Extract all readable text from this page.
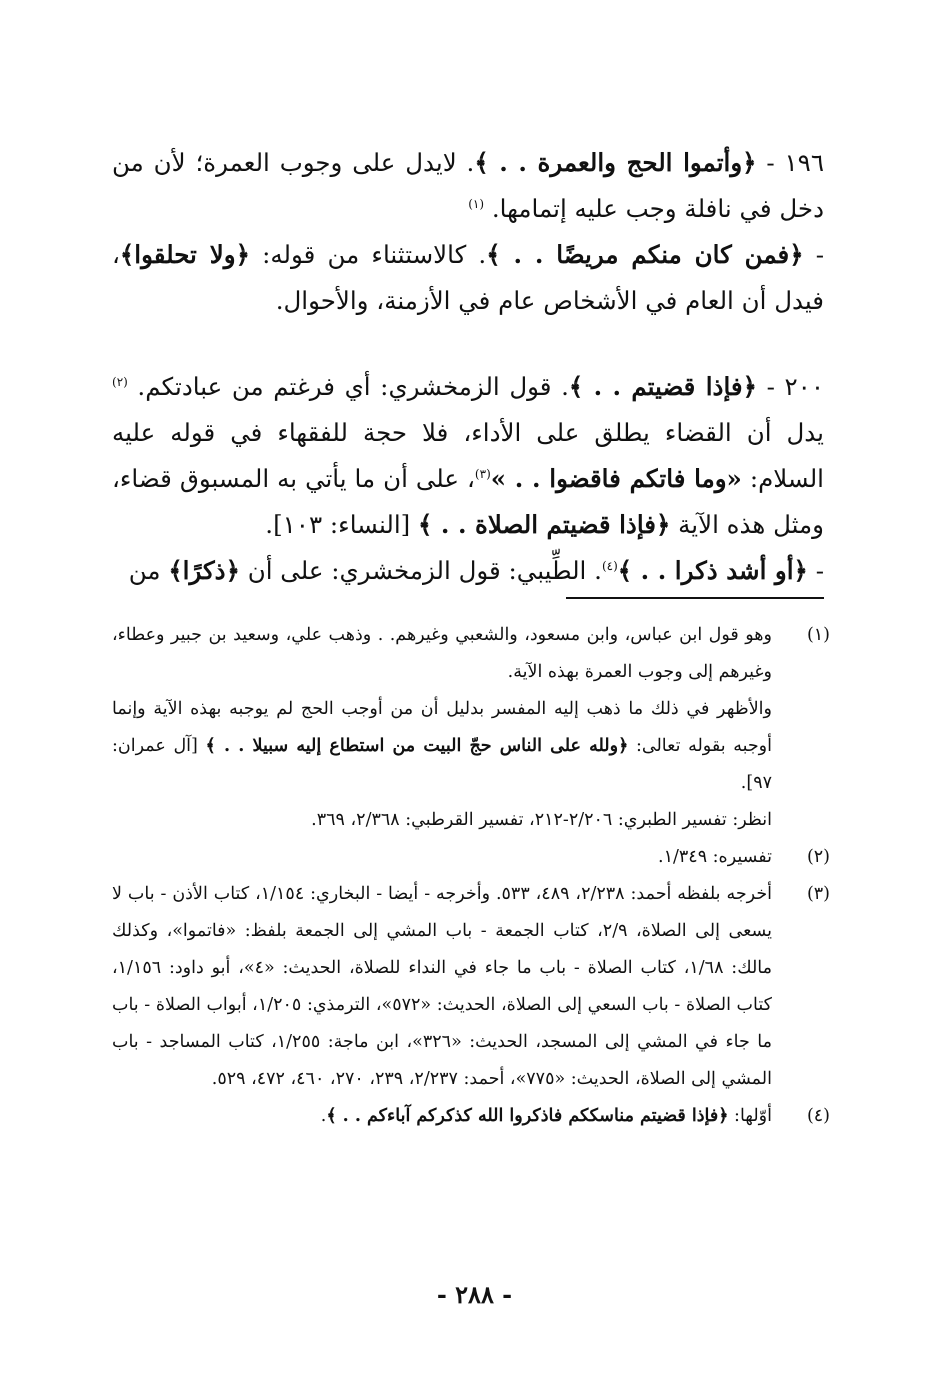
١٩٦ - ﴿وأتموا الحج والعمرة . . ﴾. لايدل على وجوب العمرة؛ لأن من دخل في نافلة وجب عليه إتمامها. $^{(١)}$

- ﴿فمن كان منكم مريضًا . . ﴾. كالاستثناء من قوله: ﴿ولا تحلقوا﴾، فيدل أن العام في الأشخاص عام في الأزمنة، والأحوال.

٢٠٠ - ﴿فإذا قضيتم . . ﴾. قول الزمخشري: أي فرغتم من عبادتكم. $^{(٢)}$ يدل أن القضاء يطلق على الأداء، فلا حجة للفقهاء في قوله عليه السلام: «وما فاتكم فاقضوا . . »$^{(٣)}$، على أن ما يأتي به المسبوق قضاء، ومثل هذه الآية ﴿فإذا قضيتم الصلاة . . ﴾ [النساء: ١٠٣].

- ﴿أو أشد ذكرا . . ﴾$^{(٤)}$. الطِّيبي: قول الزمخشري: على أن ﴿ذكرًا﴾ من

(١)

وهو قول ابن عباس، وابن مسعود، والشعبي وغيرهم. . وذهب علي، وسعيد بن جبير وعطاء، وغيرهم إلى وجوب العمرة بهذه الآية.

والأظهر في ذلك ما ذهب إليه المفسر بدليل أن من أوجب الحج لم يوجبه بهذه الآية وإنما أوجبه بقوله تعالى: ﴿ولله على الناس حجّ البيت من استطاع إليه سبيلا . . ﴾ [آل عمران: ٩٧].

انظر: تفسير الطبري: ٢/٢٠٦-٢١٢، تفسير القرطبي: ٢/٣٦٨، ٣٦٩.

(٢)

تفسيره: ١/٣٤٩.

(٣)

أخرجه بلفظه أحمد: ٢/٢٣٨، ٤٨٩، ٥٣٣. وأخرجه - أيضا - البخاري: ١/١٥٤، كتاب الأذن - باب لا يسعى إلى الصلاة، ٢/٩، كتاب الجمعة - باب المشي إلى الجمعة بلفظ: «فاتموا»، وكذلك مالك: ١/٦٨، كتاب الصلاة - باب ما جاء في النداء للصلاة، الحديث: «٤»، أبو داود: ١/١٥٦، كتاب الصلاة - باب السعي إلى الصلاة، الحديث: «٥٧٢»، الترمذي: ١/٢٠٥، أبواب الصلاة - باب ما جاء في المشي إلى المسجد، الحديث: «٣٢٦»، ابن ماجة: ١/٢٥٥، كتاب المساجد - باب المشي إلى الصلاة، الحديث: «٧٧٥»، أحمد: ٢/٢٣٧، ٢٣٩، ٢٧٠، ٤٦٠، ٤٧٢، ٥٢٩.

(٤)

أوّلها: ﴿فإذا قضيتم مناسككم فاذكروا الله كذكركم آباءكم . . ﴾.

- ٢٨٨ -
